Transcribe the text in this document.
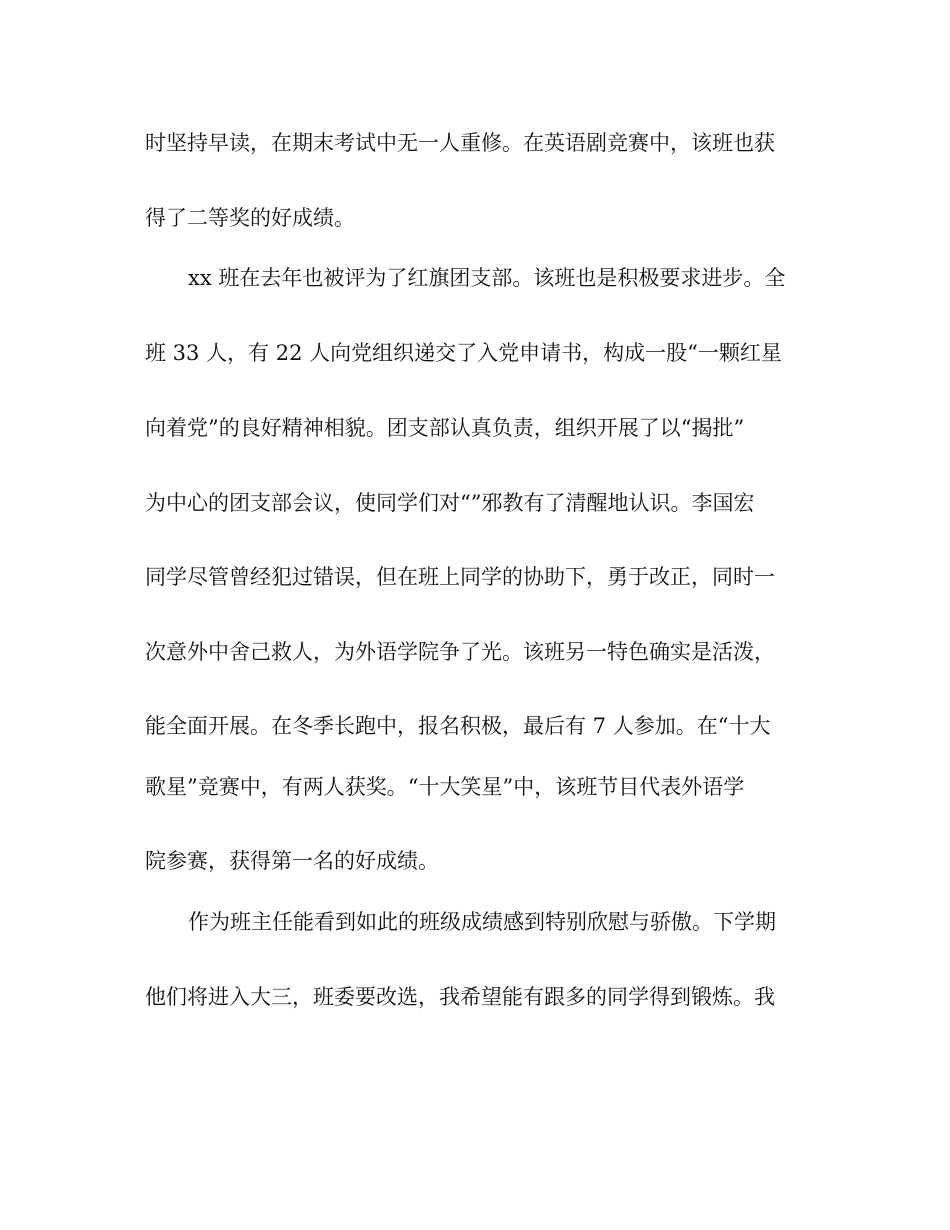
时坚持早读，在期末考试中无一人重修。在英语剧竞赛中，该班也获

得了二等奖的好成绩。

xx 班在去年也被评为了红旗团支部。该班也是积极要求进步。全

班 33 人，有 22 人向党组织递交了入党申请书，构成一股“一颗红星

向着党”的良好精神相貌。团支部认真负责，组织开展了以“揭批”

为中心的团支部会议，使同学们对“”邪教有了清醒地认识。李国宏

同学尽管曾经犯过错误，但在班上同学的协助下，勇于改正，同时一

次意外中舍己救人，为外语学院争了光。该班另一特色确实是活泼，

能全面开展。在冬季长跑中，报名积极，最后有 7 人参加。在“十大

歌星”竞赛中，有两人获奖。“十大笑星”中，该班节目代表外语学

院参赛，获得第一名的好成绩。

作为班主任能看到如此的班级成绩感到特别欣慰与骄傲。下学期

他们将进入大三，班委要改选，我希望能有跟多的同学得到锻炼。我
